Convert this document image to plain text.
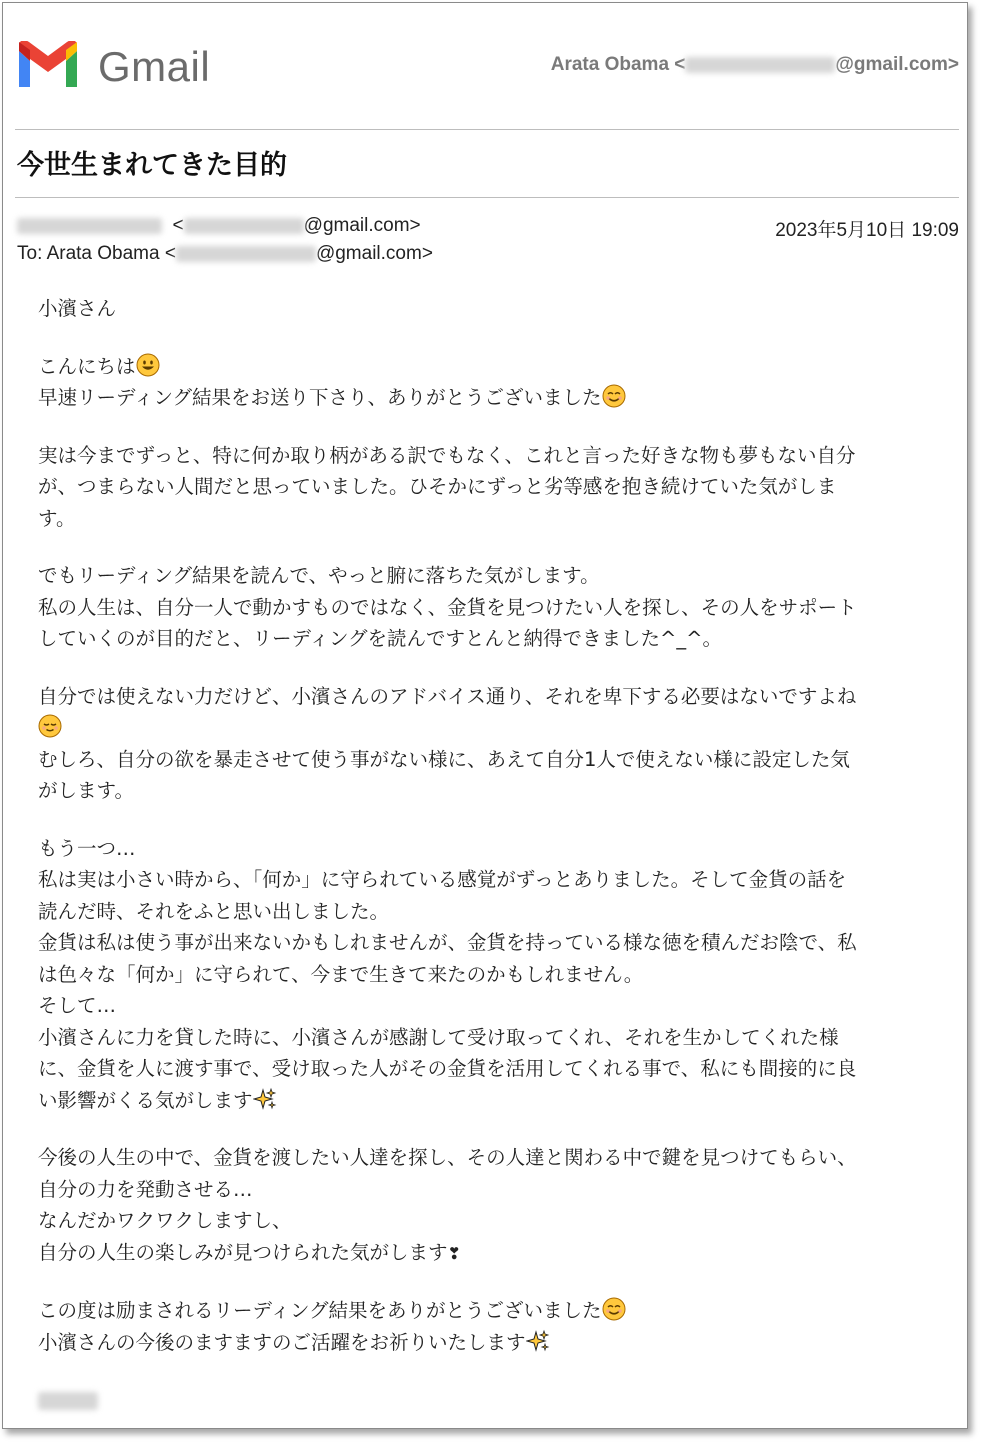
Gmail	Arata Obama <	@gmail.com>
今世生まれてきた目的
<	@gmail.com>	2023年5月10日 19:09
To: Arata Obama <	@gmail.com>

小濱さん

こんにちは
早速リーディング結果をお送り下さり、ありがとうございました

実は今までずっと、特に何か取り柄がある訳でもなく、これと言った好きな物も夢もない自分
が、つまらない人間だと思っていました。ひそかにずっと劣等感を抱き続けていた気がしま
す。

でもリーディング結果を読んで、やっと腑に落ちた気がします。
私の人生は、自分一人で動かすものではなく、金貨を見つけたい人を探し、その人をサポート
していくのが目的だと、リーディングを読んですとんと納得できました^_^。

自分では使えない力だけど、小濱さんのアドバイス通り、それを卑下する必要はないですよね
むしろ、自分の欲を暴走させて使う事がない様に、あえて自分1人で使えない様に設定した気
がします。

もう一つ…
私は実は小さい時から、「何か」に守られている感覚がずっとありました。そして金貨の話を
読んだ時、それをふと思い出しました。
金貨は私は使う事が出来ないかもしれませんが、金貨を持っている様な徳を積んだお陰で、私
は色々な「何か」に守られて、今まで生きて来たのかもしれません。
そして…
小濱さんに力を貸した時に、小濱さんが感謝して受け取ってくれ、それを生かしてくれた様
に、金貨を人に渡す事で、受け取った人がその金貨を活用してくれる事で、私にも間接的に良
い影響がくる気がします

今後の人生の中で、金貨を渡したい人達を探し、その人達と関わる中で鍵を見つけてもらい、
自分の力を発動させる…
なんだかワクワクしますし、
自分の人生の楽しみが見つけられた気がします❣

この度は励まされるリーディング結果をありがとうございました
小濱さんの今後のますますのご活躍をお祈りいたします
